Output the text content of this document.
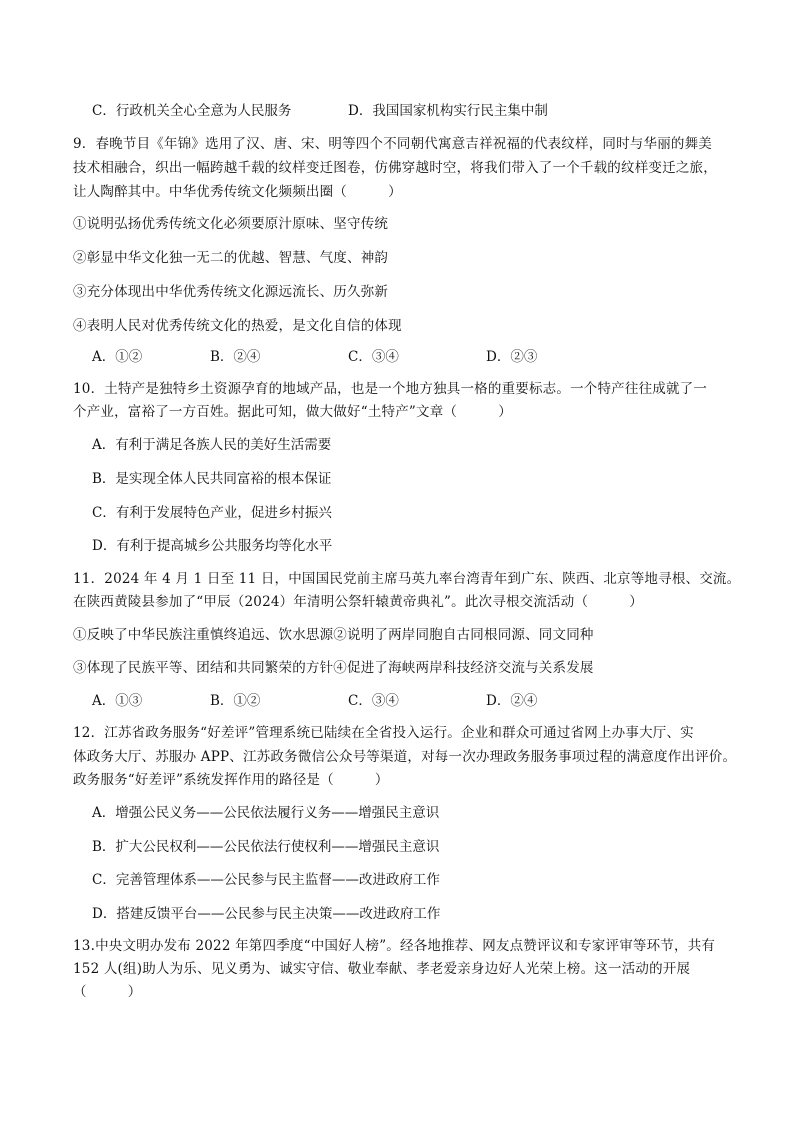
C．行政机关全心全意为人民服务	D．我国国家机构实行民主集中制
9．春晚节目《年锦》选用了汉、唐、宋、明等四个不同朝代寓意吉祥祝福的代表纹样，同时与华丽的舞美
技术相融合，织出一幅跨越千载的纹样变迁图卷，仿佛穿越时空，将我们带入了一个千载的纹样变迁之旅，
让人陶醉其中。中华优秀传统文化频频出圈（　　　）
①说明弘扬优秀传统文化必须要原汁原味、坚守传统
②彰显中华文化独一无二的优越、智慧、气度、神韵
③充分体现出中华优秀传统文化源远流长、历久弥新
④表明人民对优秀传统文化的热爱，是文化自信的体现
A．①②	B．②④	C．③④	D．②③
10．土特产是独特乡土资源孕育的地域产品，也是一个地方独具一格的重要标志。一个特产往往成就了一
个产业，富裕了一方百姓。据此可知，做大做好“土特产”文章（　　　）
A．有利于满足各族人民的美好生活需要
B．是实现全体人民共同富裕的根本保证
C．有利于发展特色产业，促进乡村振兴
D．有利于提高城乡公共服务均等化水平
11．2024 年 4 月 1 日至 11 日，中国国民党前主席马英九率台湾青年到广东、陕西、北京等地寻根、交流。
在陕西黄陵县参加了“甲辰（2024）年清明公祭轩辕黄帝典礼”。此次寻根交流活动（　　　）
①反映了中华民族注重慎终追远、饮水思源②说明了两岸同胞自古同根同源、同文同种
③体现了民族平等、团结和共同繁荣的方针④促进了海峡两岸科技经济交流与关系发展
A．①③	B．①②	C．③④	D．②④
12．江苏省政务服务“好差评”管理系统已陆续在全省投入运行。企业和群众可通过省网上办事大厅、实
体政务大厅、苏服办 APP、江苏政务微信公众号等渠道，对每一次办理政务服务事项过程的满意度作出评价。
政务服务“好差评”系统发挥作用的路径是（　　　）
A．增强公民义务——公民依法履行义务——增强民主意识
B．扩大公民权利——公民依法行使权利——增强民主意识
C．完善管理体系——公民参与民主监督——改进政府工作
D．搭建反馈平台——公民参与民主决策——改进政府工作
13.中央文明办发布 2022 年第四季度“中国好人榜”。经各地推荐、网友点赞评议和专家评审等环节，共有
152 人(组)助人为乐、见义勇为、诚实守信、敬业奉献、孝老爱亲身边好人光荣上榜。这一活动的开展
（　　　）
